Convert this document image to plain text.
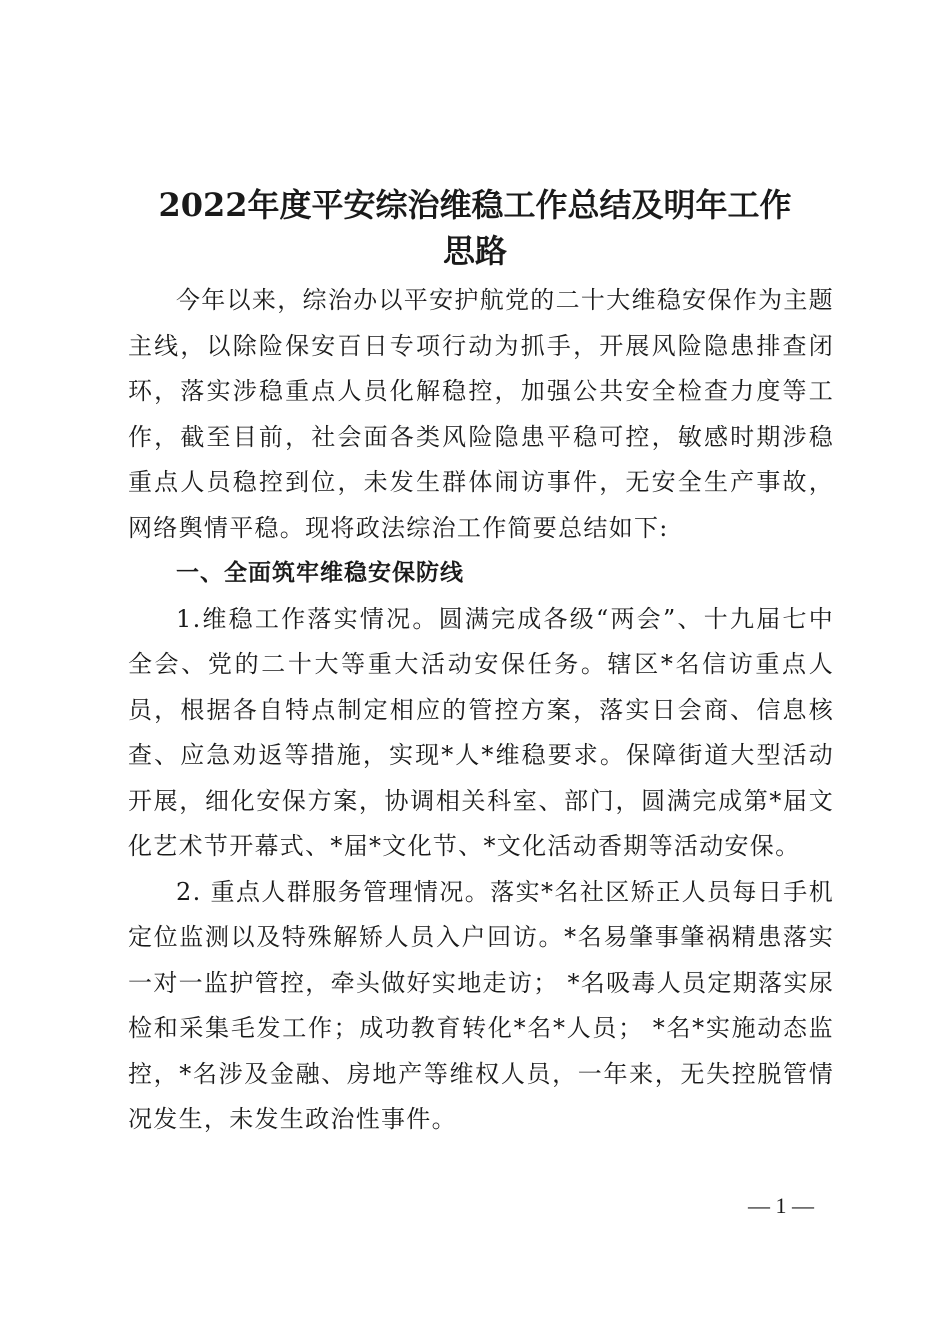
2022年度平安综治维稳工作总结及明年工作
思路

今年以来，综治办以平安护航党的二十大维稳安保作为主题主线，以除险保安百日专项行动为抓手，开展风险隐患排查闭环，落实涉稳重点人员化解稳控，加强公共安全检查力度等工作，截至目前，社会面各类风险隐患平稳可控，敏感时期涉稳重点人员稳控到位，未发生群体闹访事件，无安全生产事故，网络舆情平稳。现将政法综治工作简要总结如下:

一、全面筑牢维稳安保防线

1.维稳工作落实情况。圆满完成各级“两会”、十九届七中全会、党的二十大等重大活动安保任务。辖区*名信访重点人员，根据各自特点制定相应的管控方案，落实日会商、信息核查、应急劝返等措施，实现*人*维稳要求。保障街道大型活动开展，细化安保方案，协调相关科室、部门，圆满完成第*届文化艺术节开幕式、*届*文化节、*文化活动香期等活动安保。

2. 重点人群服务管理情况。落实*名社区矫正人员每日手机定位监测以及特殊解矫人员入户回访。*名易肇事肇祸精患落实一对一监护管控，牵头做好实地走访； *名吸毒人员定期落实尿检和采集毛发工作；成功教育转化*名*人员； *名*实施动态监控，*名涉及金融、房地产等维权人员，一年来，无失控脱管情况发生，未发生政治性事件。

— 1 —
